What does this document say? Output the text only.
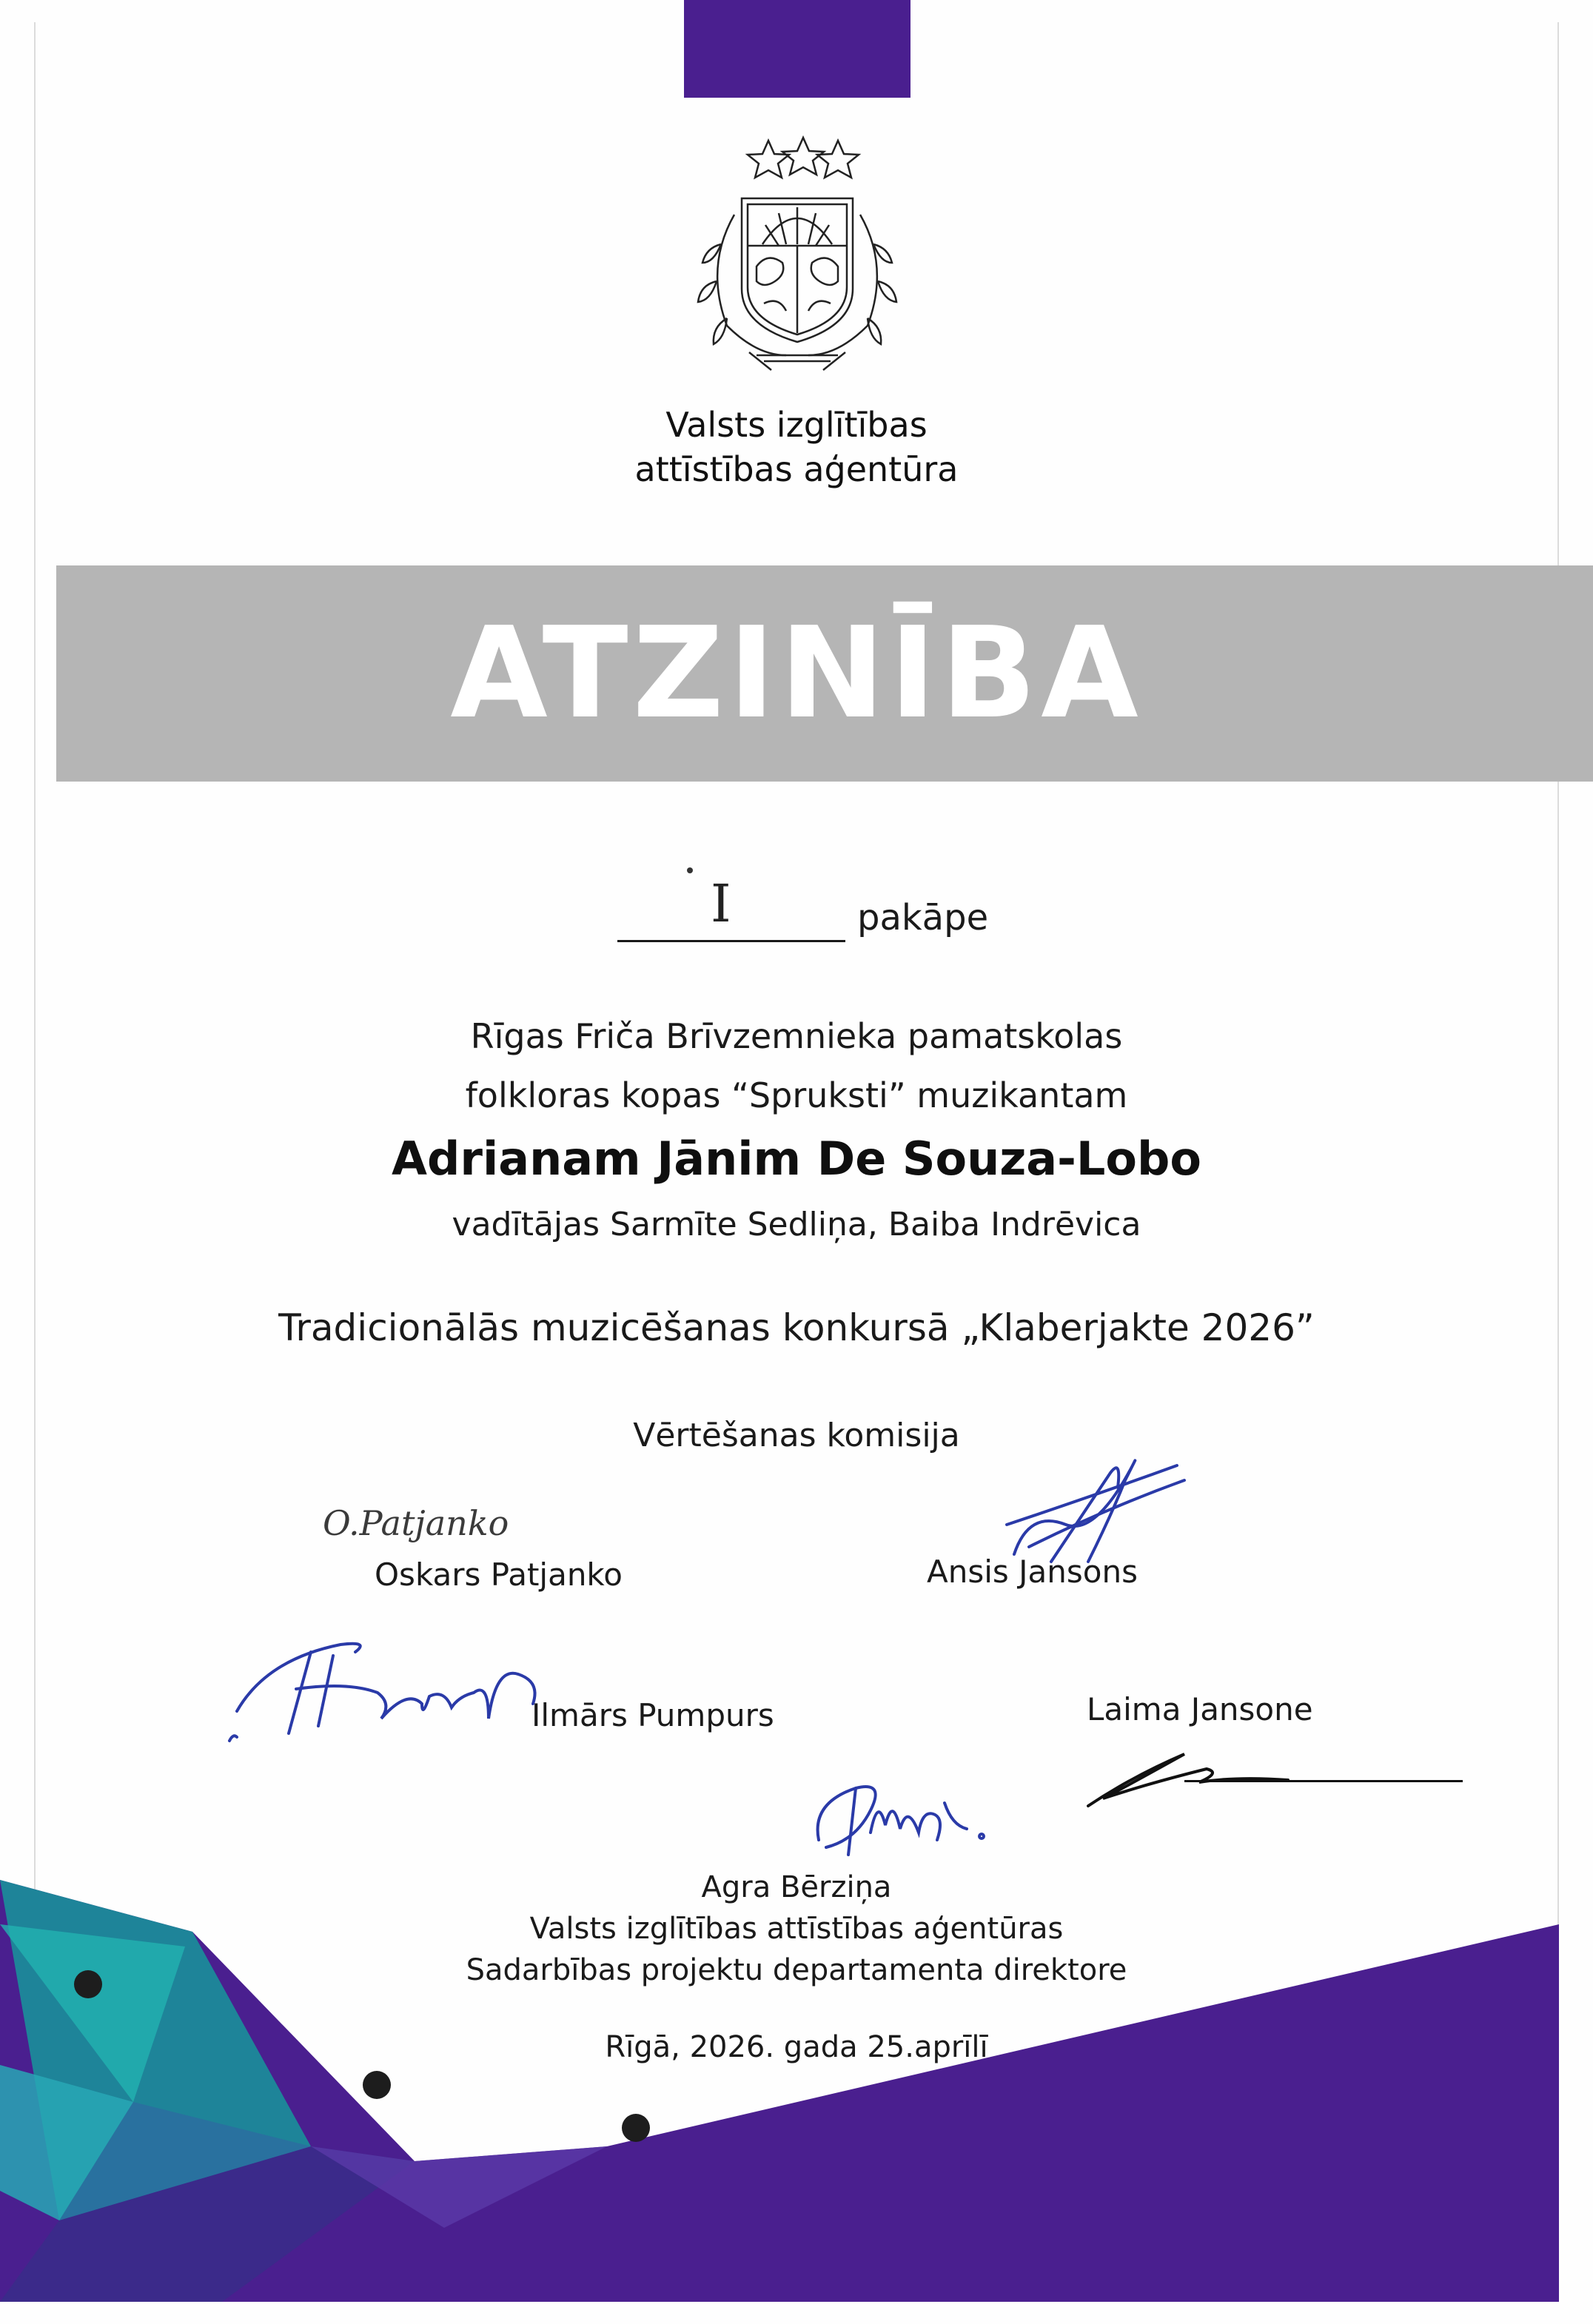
Valsts izglītības
attīstības aģentūra
ATZINĪBA
I	pakāpe
Rīgas Friča Brīvzemnieka pamatskolas
folkloras kopas “Spruksti” muzikantam
Adrianam Jānim De Souza-Lobo
vadītājas Sarmīte Sedliņa, Baiba Indrēvica
Tradicionālās muzicēšanas konkursā „Klaberjakte 2026”
Vērtēšanas komisija
O.Patjanko
Oskars Patjanko	Ansis Jansons
Ilmārs Pumpurs	Laima Jansone
Agra Bērziņa
Valsts izglītības attīstības aģentūras
Sadarbības projektu departamenta direktore
Rīgā, 2026. gada 25.aprīlī
